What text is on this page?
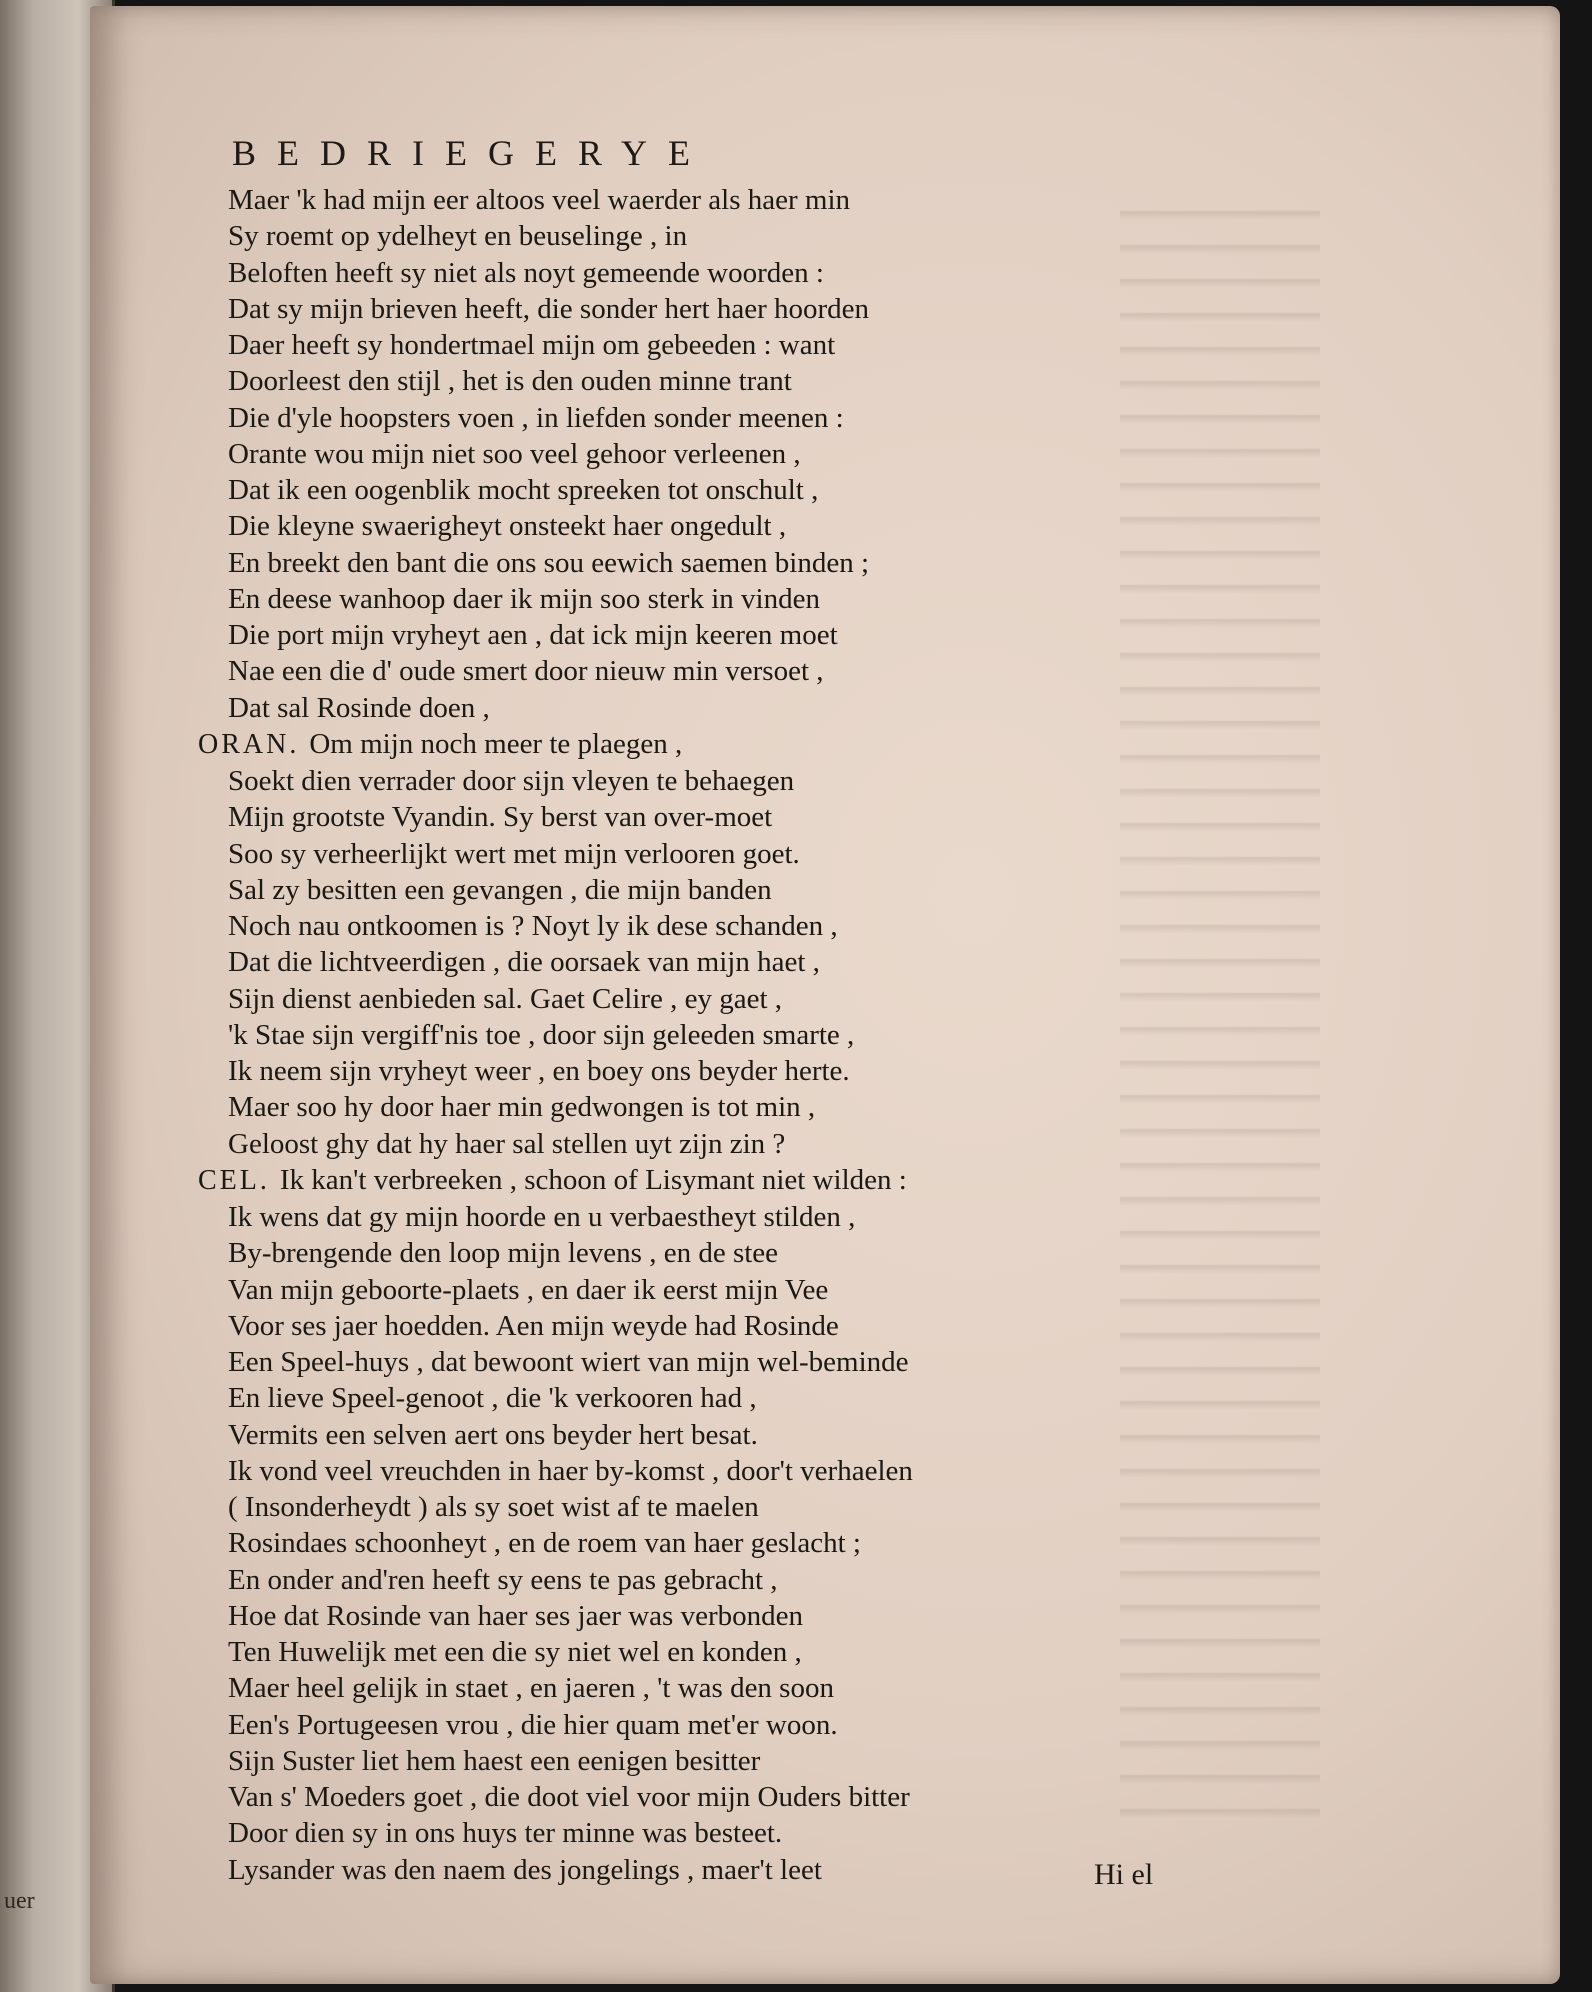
uer
BEDRIEGERYE
Maer 'k had mijn eer altoos veel waerder als haer min
Sy roemt op ydelheyt en beuselinge , in
Beloften heeft sy niet als noyt gemeende woorden :
Dat sy mijn brieven heeft, die sonder hert haer hoorden
Daer heeft sy hondertmael mijn om gebeeden : want
Doorleest den stijl , het is den ouden minne trant
Die d'yle hoopsters voen , in liefden sonder meenen :
Orante wou mijn niet soo veel gehoor verleenen ,
Dat ik een oogenblik mocht spreeken tot onschult ,
Die kleyne swaerigheyt onsteekt haer ongedult ,
En breekt den bant die ons sou eewich saemen binden ;
En deese wanhoop daer ik mijn soo sterk in vinden
Die port mijn vryheyt aen , dat ick mijn keeren moet
Nae een die d' oude smert door nieuw min versoet ,
Dat sal Rosinde doen ,
ORAN. Om mijn noch meer te plaegen ,
Soekt dien verrader door sijn vleyen te behaegen
Mijn grootste Vyandin. Sy berst van over-moet
Soo sy verheerlijkt wert met mijn verlooren goet.
Sal zy besitten een gevangen , die mijn banden
Noch nau ontkoomen is ? Noyt ly ik dese schanden ,
Dat die lichtveerdigen , die oorsaek van mijn haet ,
Sijn dienst aenbieden sal. Gaet Celire , ey gaet ,
'k Stae sijn vergiff'nis toe , door sijn geleeden smarte ,
Ik neem sijn vryheyt weer , en boey ons beyder herte.
Maer soo hy door haer min gedwongen is tot min ,
Geloost ghy dat hy haer sal stellen uyt zijn zin ?
CEL. Ik kan't verbreeken , schoon of Lisymant niet wilden :
Ik wens dat gy mijn hoorde en u verbaestheyt stilden ,
By-brengende den loop mijn levens , en de stee
Van mijn geboorte-plaets , en daer ik eerst mijn Vee
Voor ses jaer hoedden. Aen mijn weyde had Rosinde
Een Speel-huys , dat bewoont wiert van mijn wel-beminde
En lieve Speel-genoot , die 'k verkooren had ,
Vermits een selven aert ons beyder hert besat.
Ik vond veel vreuchden in haer by-komst , door't verhaelen
( Insonderheydt ) als sy soet wist af te maelen
Rosindaes schoonheyt , en de roem van haer geslacht ;
En onder and'ren heeft sy eens te pas gebracht ,
Hoe dat Rosinde van haer ses jaer was verbonden
Ten Huwelijk met een die sy niet wel en konden ,
Maer heel gelijk in staet , en jaeren , 't was den soon
Een's Portugeesen vrou , die hier quam met'er woon.
Sijn Suster liet hem haest een eenigen besitter
Van s' Moeders goet , die doot viel voor mijn Ouders bitter
Door dien sy in ons huys ter minne was besteet.
Lysander was den naem des jongelings , maer't leet	Hi el
